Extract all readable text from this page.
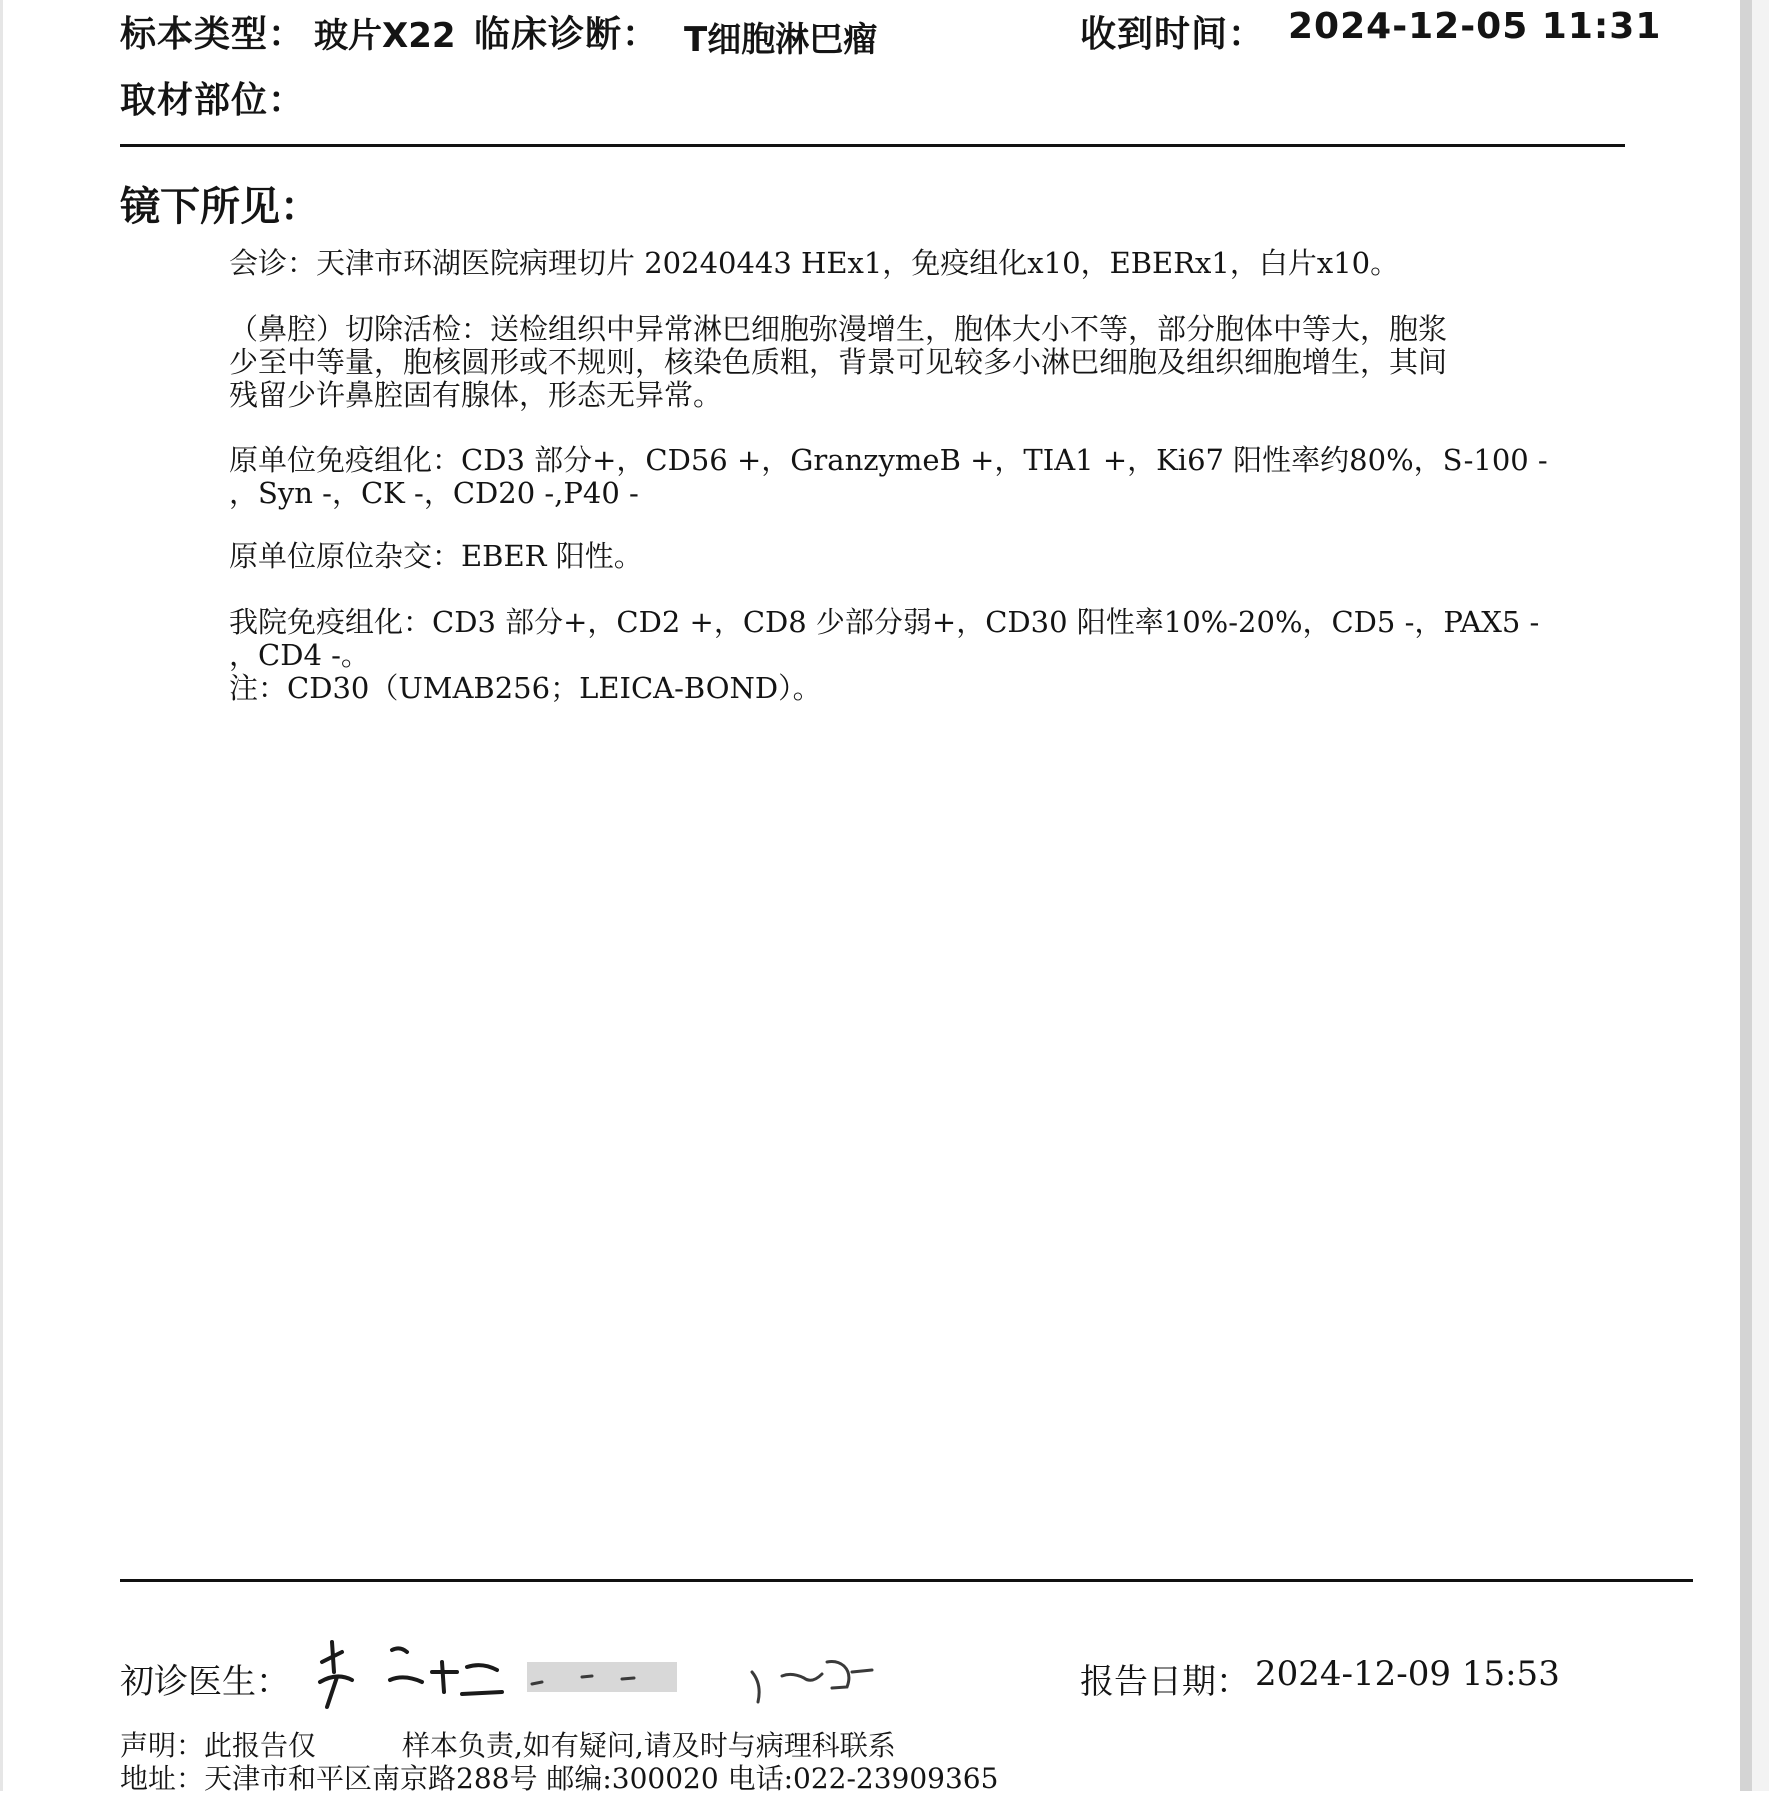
标本类型： 玻片X22 临床诊断： T细胞淋巴瘤	收到时间： 2024-12-05 11:31
取材部位：
镜下所见：

会诊：天津市环湖医院病理切片 20240443 HEx1，免疫组化x10，EBERx1，白片x10。

（鼻腔）切除活检：送检组织中异常淋巴细胞弥漫增生，胞体大小不等，部分胞体中等大，胞浆

少至中等量，胞核圆形或不规则，核染色质粗，背景可见较多小淋巴细胞及组织细胞增生，其间

残留少许鼻腔固有腺体，形态无异常。

原单位免疫组化：CD3 部分+，CD56 +，GranzymeB +，TIA1 +，Ki67 阳性率约80%，S-100 -

，Syn -，CK -，CD20 -,P40 -

原单位原位杂交：EBER 阳性。

我院免疫组化：CD3 部分+，CD2 +，CD8 少部分弱+，CD30 阳性率10%-20%，CD5 -，PAX5 -

，CD4 -。

注：CD30（UMAB256；LEICA-BOND）。

初诊医生：	报告日期： 2024-12-09 15:53
声明：此报告仅	样本负责,如有疑问,请及时与病理科联系
地址：天津市和平区南京路288号 邮编:300020 电话:022-23909365
